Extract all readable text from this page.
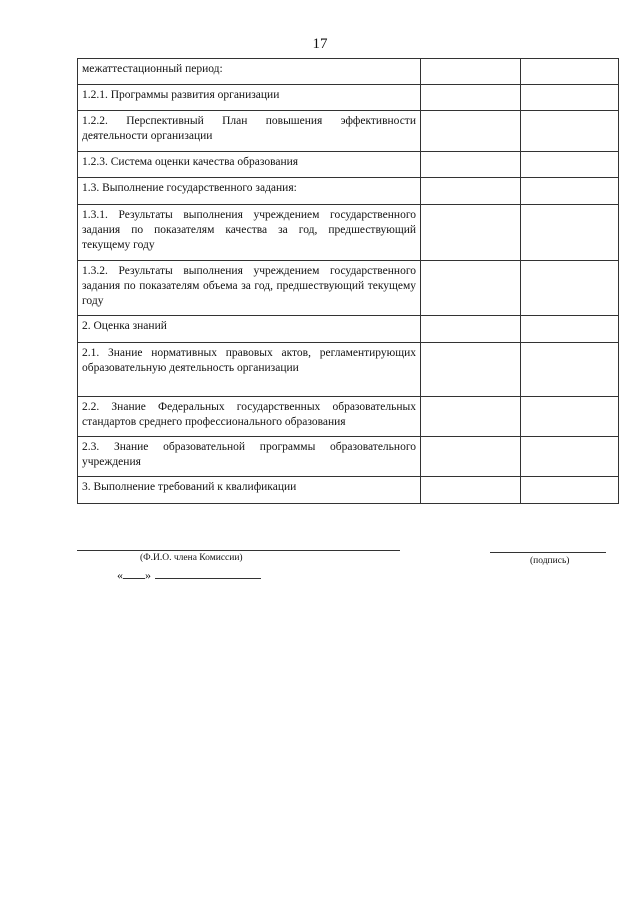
17
межаттестационный период:		
1.2.1. Программы развития организации		
1.2.2. Перспективный План повышения эффективности деятельности организации		
1.2.3. Система оценки качества образования		
1.3. Выполнение государственного задания:		
1.3.1. Результаты выполнения учреждением государственного задания по показателям качества за год, предшествующий текущему году		
1.3.2. Результаты выполнения учреждением государственного задания по показателям объема за год, предшествующий текущему году		
2. Оценка знаний		
2.1. Знание нормативных правовых актов, регламентирующих образовательную деятельность организации		
2.2. Знание Федеральных государственных образовательных стандартов среднего профессионального образования		
2.3. Знание образовательной программы образовательного учреждения		
3. Выполнение требований к квалификации		
(Ф.И.О. члена Комиссии)	(подпись)
« »
